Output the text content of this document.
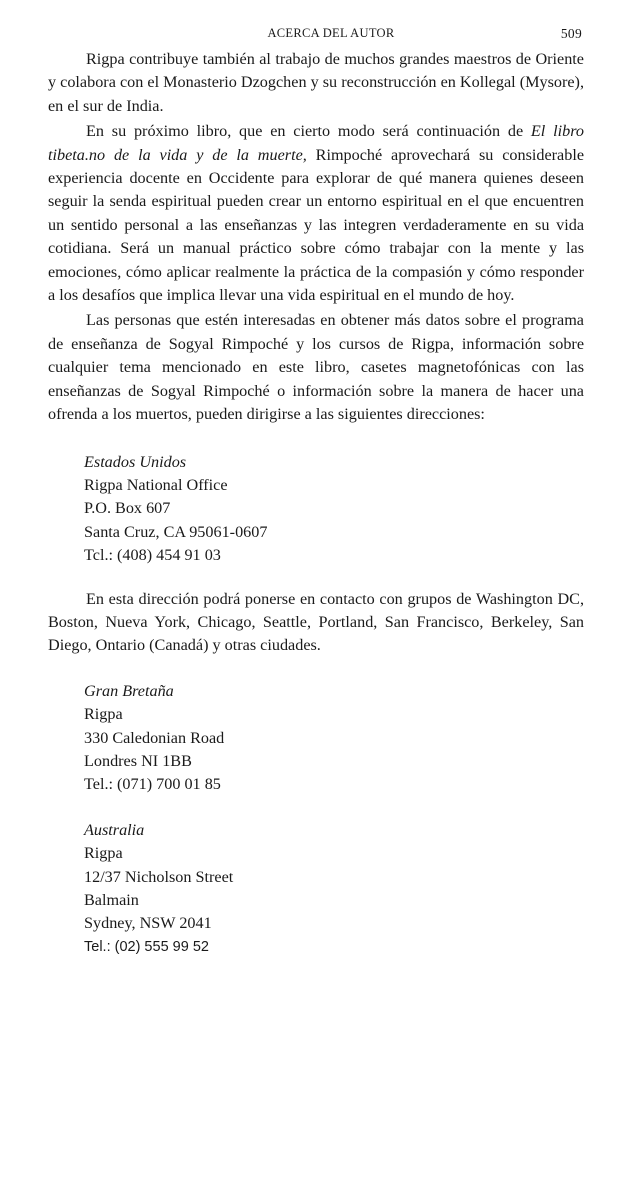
ACERCA DEL AUTOR	509

Rigpa contribuye también al trabajo de muchos grandes maestros de Oriente y colabora con el Monasterio Dzogchen y su reconstrucción en Kollegal (Mysore), en el sur de India.

En su próximo libro, que en cierto modo será continuación de El libro tibeta.no de la vida y de la muerte, Rimpoché aprovechará su considerable experiencia docente en Occidente para explorar de qué manera quienes deseen seguir la senda espiritual pueden crear un entorno espiritual en el que encuentren un sentido personal a las enseñanzas y las integren verdaderamente en su vida cotidiana. Será un manual práctico sobre cómo trabajar con la mente y las emociones, cómo aplicar realmente la práctica de la compasión y cómo responder a los desafíos que implica llevar una vida espiritual en el mundo de hoy.

Las personas que estén interesadas en obtener más datos sobre el programa de enseñanza de Sogyal Rimpoché y los cursos de Rigpa, información sobre cualquier tema mencionado en este libro, casetes magnetofónicas con las enseñanzas de Sogyal Rimpoché o información sobre la manera de hacer una ofrenda a los muertos, pueden dirigirse a las siguientes direcciones:

Estados Unidos
Rigpa National Office
P.O. Box 607
Santa Cruz, CA 95061-0607
Tcl.: (408) 454 91 03

En esta dirección podrá ponerse en contacto con grupos de Washington DC, Boston, Nueva York, Chicago, Seattle, Portland, San Francisco, Berkeley, San Diego, Ontario (Canadá) y otras ciudades.

Gran Bretaña
Rigpa
330 Caledonian Road
Londres NI 1BB
Tel.: (071) 700 01 85
Australia
Rigpa
12/37 Nicholson Street
Balmain
Sydney, NSW 2041
Tel.: (02) 555 99 52
